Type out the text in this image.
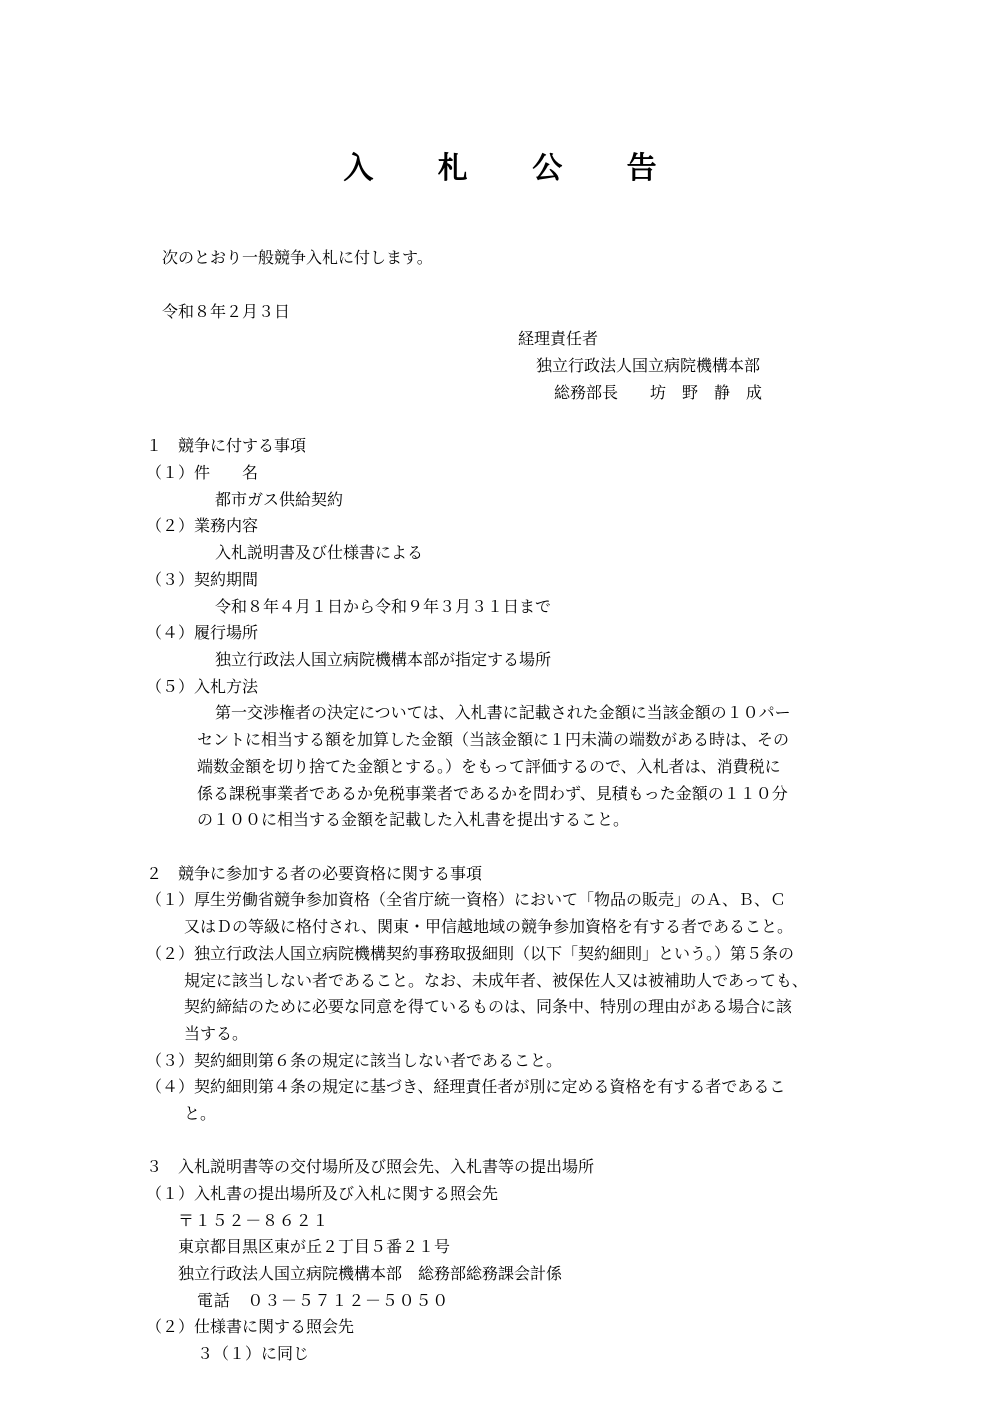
入 札 公 告

次のとおり一般競争入札に付します。

令和８年２月３日

経理責任者

独立行政法人国立病院機構本部

総務部長　　坊　野　静　成

１　競争に付する事項

（１）件　　名

都市ガス供給契約

（２）業務内容

入札説明書及び仕様書による

（３）契約期間

令和８年４月１日から令和９年３月３１日まで

（４）履行場所

独立行政法人国立病院機構本部が指定する場所

（５）入札方法

第一交渉権者の決定については、入札書に記載された金額に当該金額の１０パー

セントに相当する額を加算した金額（当該金額に１円未満の端数がある時は、その

端数金額を切り捨てた金額とする。）をもって評価するので、入札者は、消費税に

係る課税事業者であるか免税事業者であるかを問わず、見積もった金額の１１０分

の１００に相当する金額を記載した入札書を提出すること。

２　競争に参加する者の必要資格に関する事項

（１）厚生労働省競争参加資格（全省庁統一資格）において「物品の販売」のＡ、Ｂ、Ｃ

又はＤの等級に格付され、関東・甲信越地域の競争参加資格を有する者であること。

（２）独立行政法人国立病院機構契約事務取扱細則（以下「契約細則」という。）第５条の

規定に該当しない者であること。なお、未成年者、被保佐人又は被補助人であっても、

契約締結のために必要な同意を得ているものは、同条中、特別の理由がある場合に該

当する。

（３）契約細則第６条の規定に該当しない者であること。

（４）契約細則第４条の規定に基づき、経理責任者が別に定める資格を有する者であるこ

と。

３　入札説明書等の交付場所及び照会先、入札書等の提出場所

（１）入札書の提出場所及び入札に関する照会先

〒１５２－８６２１

東京都目黒区東が丘２丁目５番２１号

独立行政法人国立病院機構本部　総務部総務課会計係

電話　０３－５７１２－５０５０

（２）仕様書に関する照会先

３（１）に同じ
